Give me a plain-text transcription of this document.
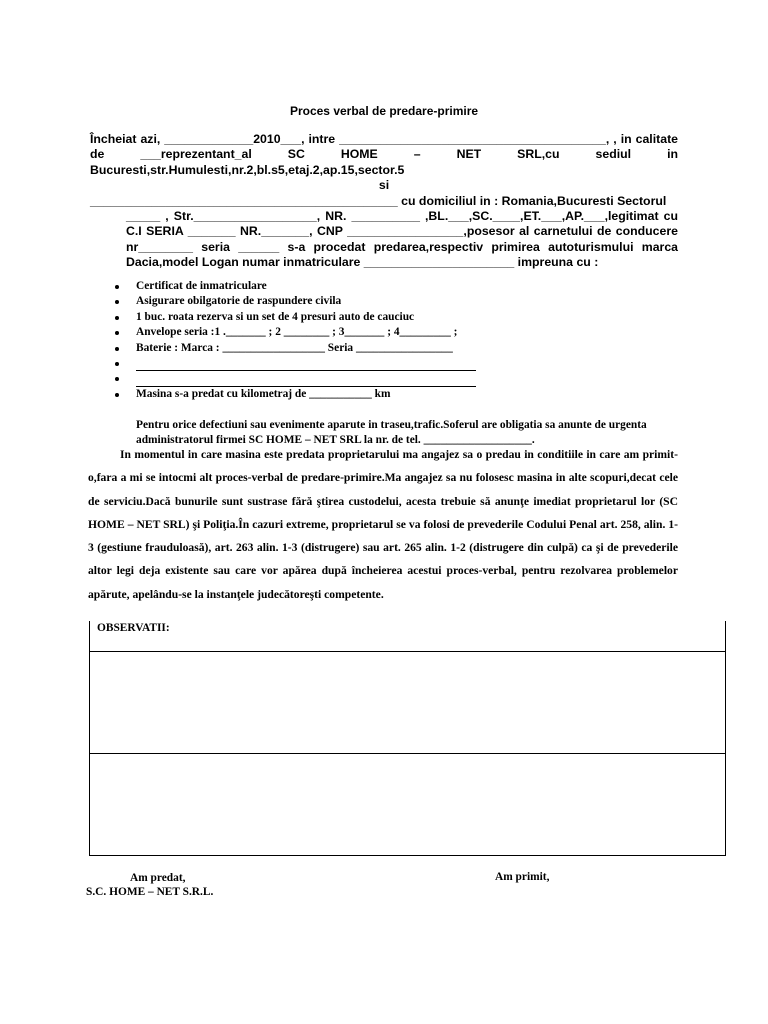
Proces verbal de predare-primire

Încheiat azi, _____________2010___, intre _______________________________________, , in calitate de ___reprezentant_al SC HOME – NET SRL,cu sediul in Bucuresti,str.Humulesti,nr.2,bl.s5,etaj.2,ap.15,sector.5

si

_____________________________________________ cu domiciliul in : Romania,Bucuresti Sectorul

_____ , Str.__________________, NR. __________ ,BL.___,SC.____,ET.___,AP.___,legitimat cu C.I SERIA _______ NR._______, CNP _________________,posesor al carnetului de conducere nr________ seria ______ s-a procedat predarea,respectiv primirea autoturismului marca Dacia,model Logan numar inmatriculare ______________________ impreuna cu :

Certificat de inmatriculare
Asigurare obilgatorie de raspundere civila
1 buc. roata rezerva si un set de 4 presuri auto de cauciuc
Anvelope seria :1 ._______ ; 2 ________ ; 3_______ ; 4_________ ;
Baterie : Marca : __________________ Seria _________________
Masina s-a predat cu kilometraj de ___________ km
Pentru orice defectiuni sau evenimente aparute in traseu,trafic.Soferul are obligatia sa anunte de urgenta administratorul firmei SC HOME – NET SRL la nr. de tel. ___________________.
In momentul in care masina este predata proprietarului ma angajez sa o predau in conditiile in care am primit-o,fara a mi se intocmi alt proces-verbal de predare-primire.Ma angajez sa nu folosesc masina in alte scopuri,decat cele de serviciu.Dacă bunurile sunt sustrase fără ştirea custodelui, acesta trebuie să anunţe imediat proprietarul lor (SC HOME – NET SRL) şi Poliţia.În cazuri extreme, proprietarul se va folosi de prevederile Codului Penal art. 258, alin. 1-3 (gestiune frauduloasă), art. 263 alin. 1-3 (distrugere) sau art. 265 alin. 1-2 (distrugere din culpă) ca şi de prevederile altor legi deja existente sau care vor apărea după încheierea acestui proces-verbal, pentru rezolvarea problemelor apărute, apelându-se la instanţele judecătoreşti competente.
OBSERVATII:
Am predat,
S.C. HOME – NET S.R.L.
Am primit,
